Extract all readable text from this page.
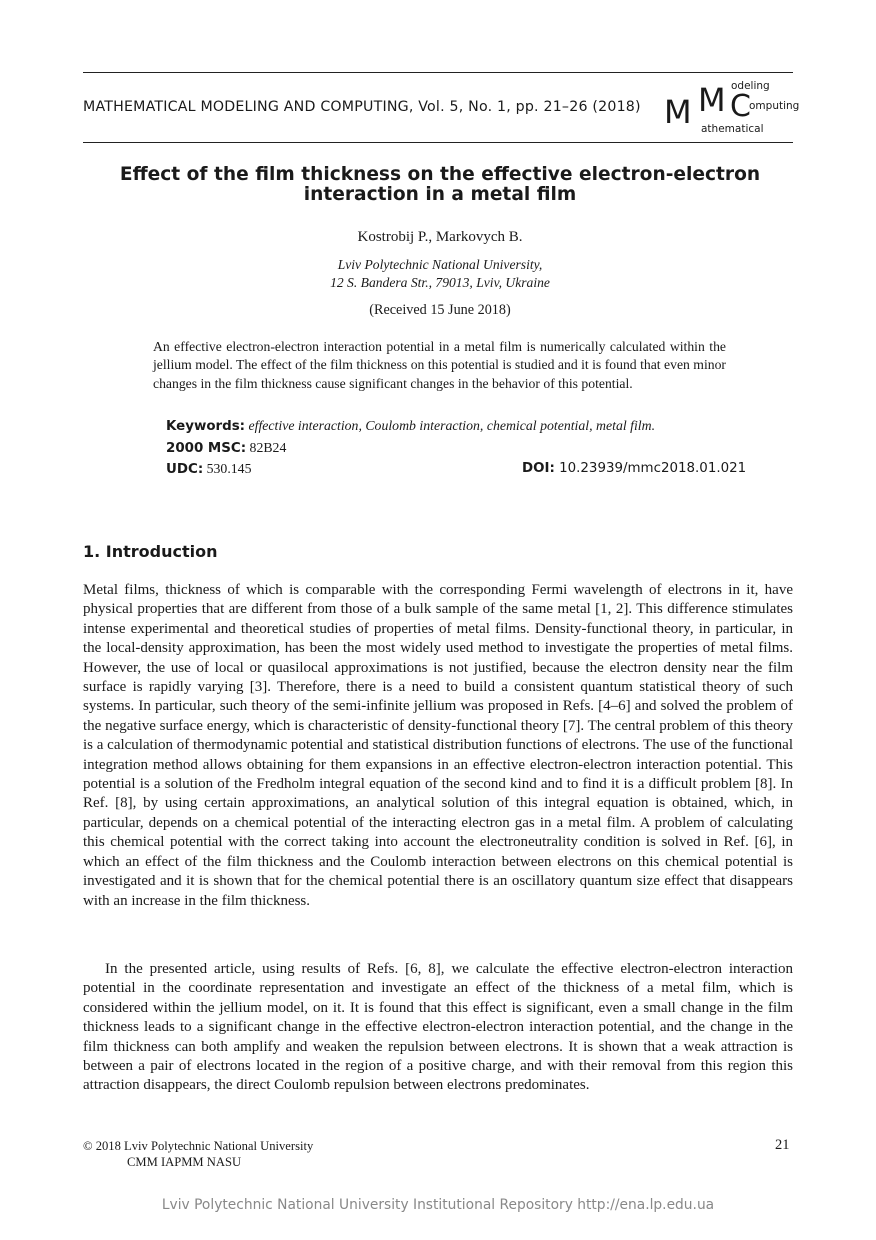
MATHEMATICAL MODELING AND COMPUTING, Vol. 5, No. 1, pp. 21–26 (2018) M M C
odeling
omputing
athematical
Effect of the film thickness on the effective electron-electron
interaction in a metal film
Kostrobij P., Markovych B.
Lviv Polytechnic National University,
12 S. Bandera Str., 79013, Lviv, Ukraine
(Received 15 June 2018)
An effective electron-electron interaction potential in a metal film is numerically calculated within the jellium model. The effect of the film thickness on this potential is studied and it is found that even minor changes in the film thickness cause significant changes in the behavior of this potential.
Keywords: effective interaction, Coulomb interaction, chemical potential, metal film.
2000 MSC: 82B24
UDC: 530.145	DOI: 10.23939/mmc2018.01.021
1. Introduction

Metal films, thickness of which is comparable with the corresponding Fermi wavelength of electrons in it, have physical properties that are different from those of a bulk sample of the same metal [1, 2]. This difference stimulates intense experimental and theoretical studies of properties of metal films. Density-functional theory, in particular, in the local-density approximation, has been the most widely used method to investigate the properties of metal films. However, the use of local or quasilocal approximations is not justified, because the electron density near the film surface is rapidly varying [3]. Therefore, there is a need to build a consistent quantum statistical theory of such systems. In particular, such theory of the semi-infinite jellium was proposed in Refs. [4–6] and solved the problem of the negative surface energy, which is characteristic of density-functional theory [7]. The central problem of this theory is a calculation of thermodynamic potential and statistical distribution functions of electrons. The use of the functional integration method allows obtaining for them expansions in an effective electron-electron interaction potential. This potential is a solution of the Fredholm integral equation of the second kind and to find it is a difficult problem [8]. In Ref. [8], by using certain approximations, an analytical solution of this integral equation is obtained, which, in particular, depends on a chemical potential of the interacting electron gas in a metal film. A problem of calculating this chemical potential with the correct taking into account the electroneutrality condition is solved in Ref. [6], in which an effect of the film thickness and the Coulomb interaction between electrons on this chemical potential is investigated and it is shown that for the chemical potential there is an oscillatory quantum size effect that disappears with an increase in the film thickness.

In the presented article, using results of Refs. [6, 8], we calculate the effective electron-electron interaction potential in the coordinate representation and investigate an effect of the thickness of a metal film, which is considered within the jellium model, on it. It is found that this effect is significant, even a small change in the film thickness leads to a significant change in the effective electron-electron interaction potential, and the change in the film thickness can both amplify and weaken the repulsion between electrons. It is shown that a weak attraction is between a pair of electrons located in the region of a positive charge, and with their removal from this region this attraction disappears, the direct Coulomb repulsion between electrons predominates.

© 2018 Lviv Polytechnic National University
CMM IAPMM NASU
21
Lviv Polytechnic National University Institutional Repository http://ena.lp.edu.ua
